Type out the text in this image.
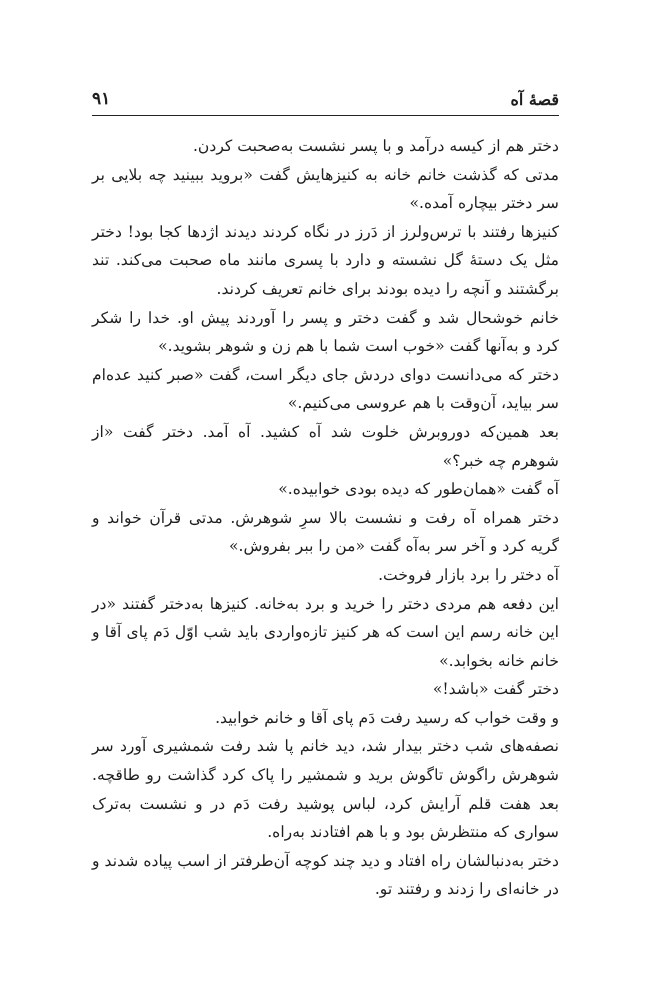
قصهٔ آه
۹۱

دختر هم از کیسه درآمد و با پسر نشست به‌صحبت کردن.

مدتی که گذشت خانم خانه به کنیزهایش گفت «بروید ببینید چه بلایی بر سر دختر بیچاره آمده.»

کنیزها رفتند با ترس‌ولرز از دَرز در نگاه کردند دیدند اژدها کجا بود! دختر مثل یک دستهٔ گل نشسته و دارد با پسری مانند ماه صحبت می‌کند. تند برگشتند و آنچه را دیده بودند برای خانم تعریف کردند.

خانم خوشحال شد و گفت دختر و پسر را آوردند پیش او. خدا را شکر کرد و به‌آنها گفت «خوب است شما با هم زن و شوهر بشوید.»

دختر که می‌دانست دوای دردش جای دیگر است، گفت «صبر کنید عده‌ام سر بیاید، آن‌وقت با هم عروسی می‌کنیم.»

بعد همین‌که دوروبرش خلوت شد آه کشید. آه آمد. دختر گفت «از شوهرم چه خبر؟»

آه گفت «همان‌طور که دیده بودی خوابیده.»

دختر همراه آه رفت و نشست بالا سرِ شوهرش. مدتی قرآن خواند و گریه کرد و آخر سر به‌آه گفت «من را ببر بفروش.»

آه دختر را برد بازار فروخت.

این دفعه هم مردی دختر را خرید و برد به‌خانه. کنیزها به‌دختر گفتند «در این خانه رسم این است که هر کنیز تازه‌واردی باید شب اوّل دَم پای آقا و خانم خانه بخوابد.»

دختر گفت «باشد!»

و وقت خواب که رسید رفت دَم پای آقا و خانم خوابید.

نصفه‌های شب دختر بیدار شد، دید خانم پا شد رفت شمشیری آورد سر شوهرش راگوش تاگوش برید و شمشیر را پاک کرد گذاشت رو طاقچه. بعد هفت قلم آرایش کرد، لباس پوشید رفت دَم در و نشست به‌ترک سواری که منتظرش بود و با هم افتادند به‌راه.

دختر به‌دنبالشان راه افتاد و دید چند کوچه آن‌طرفتر از اسب پیاده شدند و در خانه‌ای را زدند و رفتند تو.
